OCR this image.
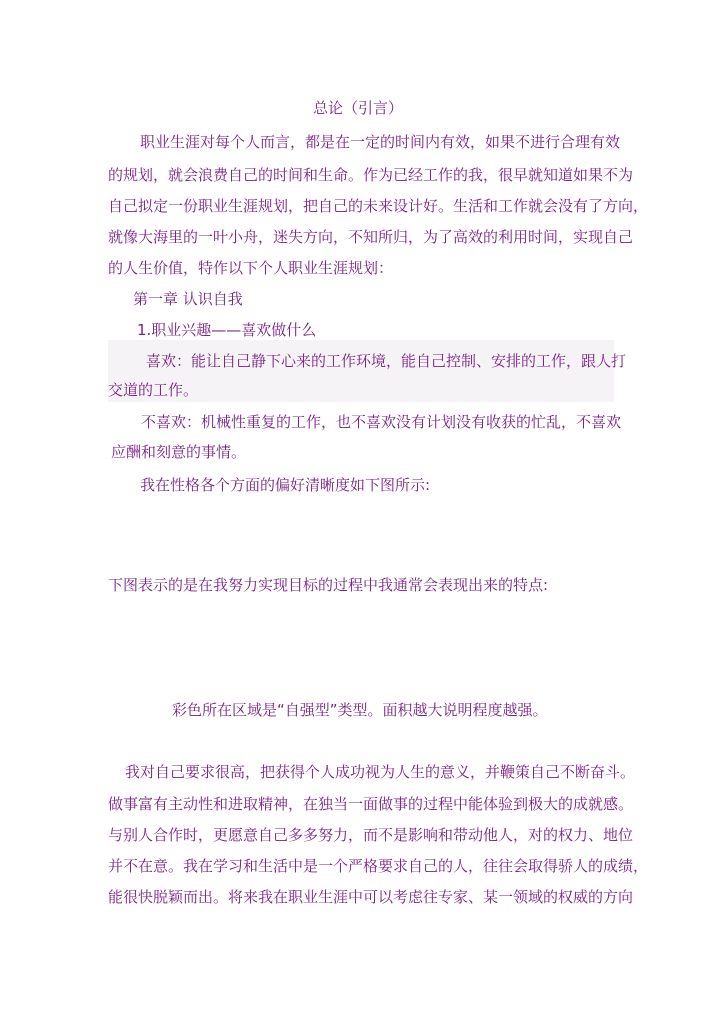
总论（引言）
职业生涯对每个人而言，都是在一定的时间内有效，如果不进行合理有效
的规划，就会浪费自己的时间和生命。作为已经工作的我，很早就知道如果不为
自己拟定一份职业生涯规划，把自己的未来设计好。生活和工作就会没有了方向，
就像大海里的一叶小舟，迷失方向，不知所归，为了高效的利用时间，实现自己
的人生价值，特作以下个人职业生涯规划：
第一章 认识自我
1.职业兴趣——喜欢做什么
喜欢：能让自己静下心来的工作环境，能自己控制、安排的工作，跟人打
交道的工作。
不喜欢：机械性重复的工作，也不喜欢没有计划没有收获的忙乱，不喜欢
应酬和刻意的事情。
我在性格各个方面的偏好清晰度如下图所示:
下图表示的是在我努力实现目标的过程中我通常会表现出来的特点:
彩色所在区域是“自强型”类型。面积越大说明程度越强。
我对自己要求很高，把获得个人成功视为人生的意义，并鞭策自己不断奋斗。
做事富有主动性和进取精神，在独当一面做事的过程中能体验到极大的成就感。
与别人合作时，更愿意自己多多努力，而不是影响和带动他人，对的权力、地位
并不在意。我在学习和生活中是一个严格要求自己的人，往往会取得骄人的成绩，
能很快脱颖而出。将来我在职业生涯中可以考虑往专家、某一领域的权威的方向
